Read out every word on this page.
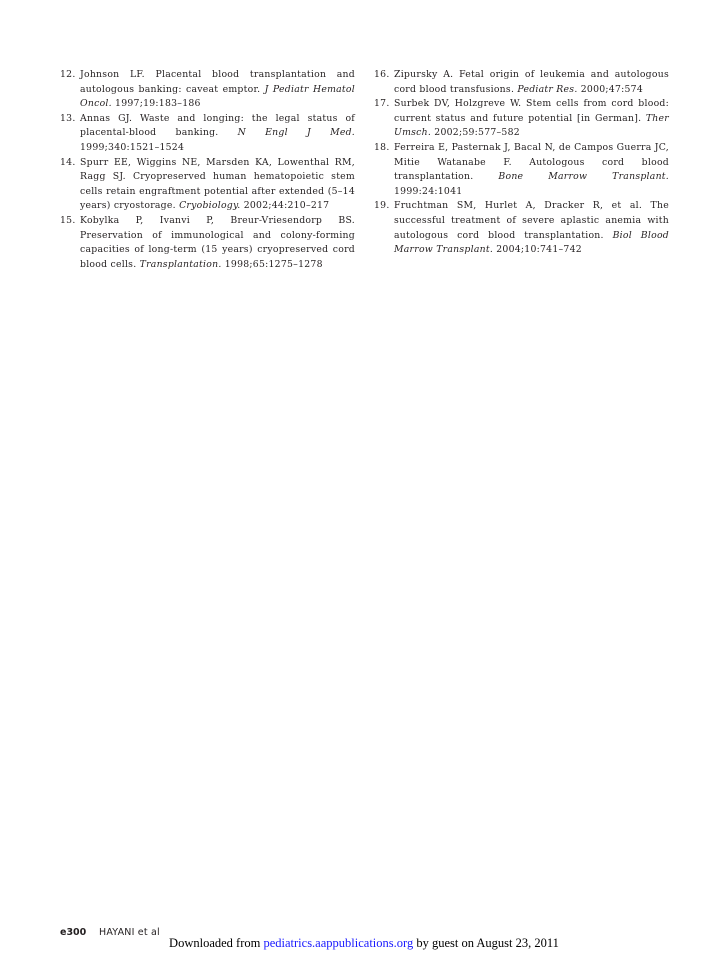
12. Johnson LF. Placental blood transplantation and autologous banking: caveat emptor. J Pediatr Hematol Oncol. 1997;19:183–186

13. Annas GJ. Waste and longing: the legal status of placental-blood banking. N Engl J Med. 1999;340:1521–1524

14. Spurr EE, Wiggins NE, Marsden KA, Lowenthal RM, Ragg SJ. Cryopreserved human hematopoietic stem cells retain engraftment potential after extended (5–14 years) cryostorage. Cryobiology. 2002;44:210–217

15. Kobylka P, Ivanvi P, Breur-Vriesendorp BS. Preservation of immunological and colony-forming capacities of long-term (15 years) cryopreserved cord blood cells. Transplantation. 1998;65:1275–1278

16. Zipursky A. Fetal origin of leukemia and autologous cord blood transfusions. Pediatr Res. 2000;47:574

17. Surbek DV, Holzgreve W. Stem cells from cord blood: current status and future potential [in German]. Ther Umsch. 2002;59:577–582

18. Ferreira E, Pasternak J, Bacal N, de Campos Guerra JC, Mitie Watanabe F. Autologous cord blood transplantation. Bone Marrow Transplant. 1999:24:1041

19. Fruchtman SM, Hurlet A, Dracker R, et al. The successful treatment of severe aplastic anemia with autologous cord blood transplantation. Biol Blood Marrow Transplant. 2004;10:741–742

e300 HAYANI et al
Downloaded from pediatrics.aappublications.org by guest on August 23, 2011
